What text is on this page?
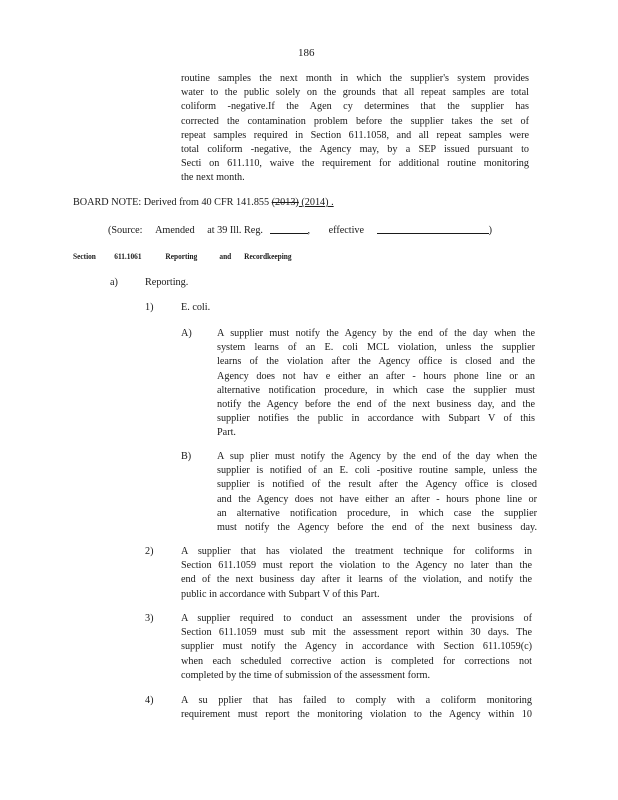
186
routine samples the next month in which the supplier's system provides
water to the public solely on the grounds that all repeat samples are total
coliform -negative.If the Agen cy determines that the supplier has
corrected the contamination problem before the supplier takes the set of
repeat samples required in Section 611.1058, and all repeat samples were
total coliform -negative, the Agency may, by a SEP issued pursuant to
Secti on 611.110, waive the requirement for additional routine monitoring
the next month.
BOARD NOTE: Derived from 40 CFR 141.855 (2013) (2014) .
(Source: Amended at 39 Ill. Reg.	, effective	)
Section 611.1061	Reporting	and Recordkeeping
a)	Reporting.
1)	E. coli.
A) A supplier must notify the Agency by the end of the day when the
system learns of an E. coli MCL violation, unless the supplier
learns of the violation after the Agency office is closed and the
Agency does not hav e either an after - hours phone line or an
alternative notification procedure, in which case the supplier must
notify the Agency before the end of the next business day, and the
supplier notifies the public in accordance with Subpart V of this
Part.
B)	A sup plier must notify the Agency by the end of the day when the
supplier is notified of an E. coli -positive routine sample, unless the
supplier is notified of the result after the Agency office is closed
and the Agency does not have either an after - hours phone line or
an alternative notification procedure, in which case the supplier
must notify the Agency before the end of the next business day.
2)	A supplier that has violated the treatment technique for coliforms in
Section 611.1059 must report the violation to the Agency no later than the
end of the next business day after it learns of the violation, and notify the
public in accordance with Subpart V of this Part.
3)	A supplier required to conduct an assessment under the provisions of
Section 611.1059 must sub mit the assessment report within 30 days. The
supplier must notify the Agency in accordance with Section 611.1059(c)
when each scheduled corrective action is completed for corrections not
completed by the time of submission of the assessment form.
4)	A su pplier that has failed to comply with a coliform monitoring
requirement must report the monitoring violation to the Agency within 10
